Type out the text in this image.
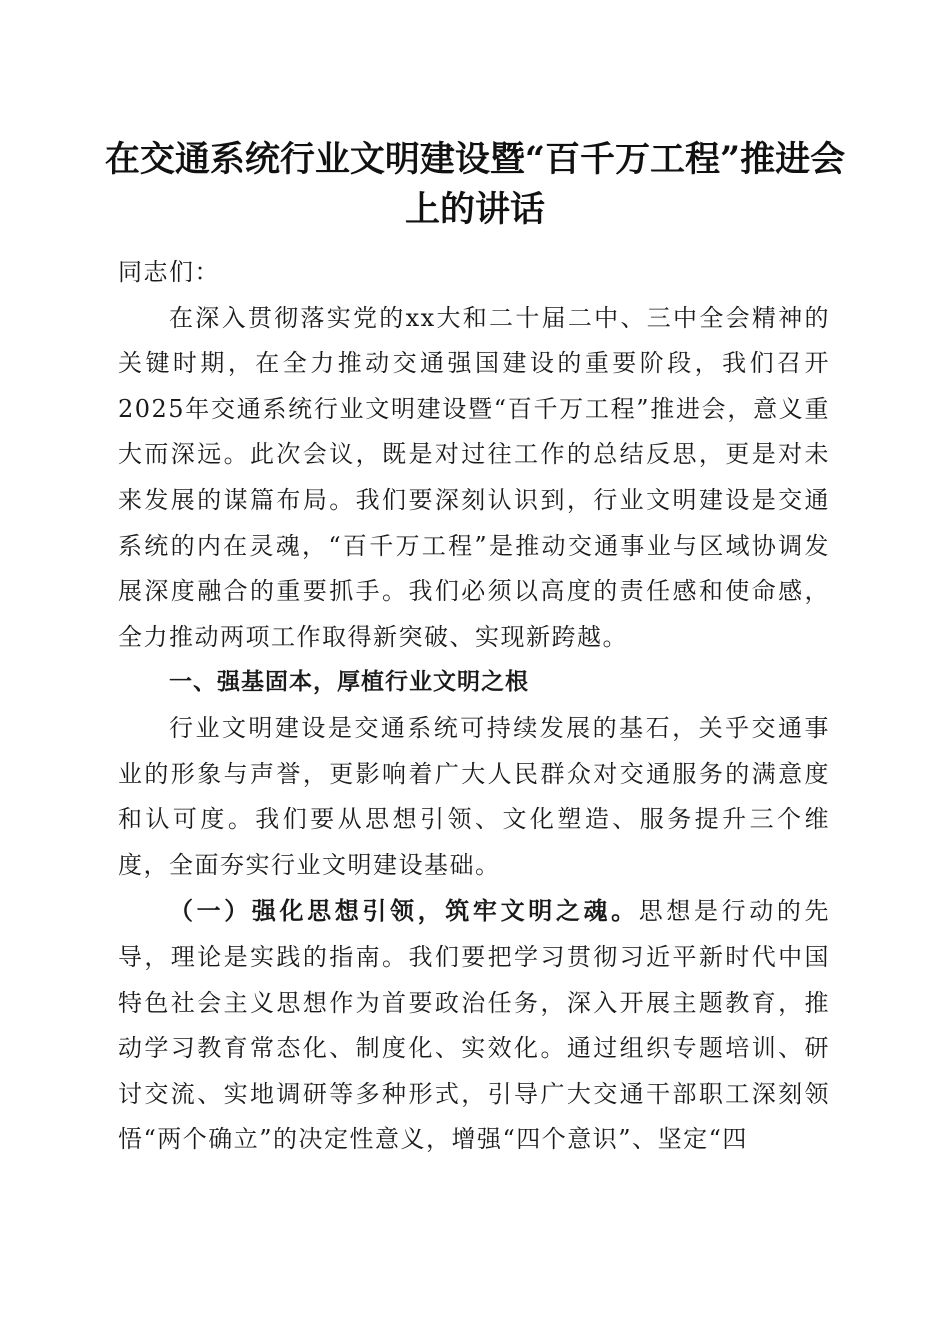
在交通系统行业文明建设暨“百千万工程”推进会上的讲话

同志们：

在深入贯彻落实党的xx大和二十届二中、三中全会精神的关键时期，在全力推动交通强国建设的重要阶段，我们召开2025年交通系统行业文明建设暨“百千万工程”推进会，意义重大而深远。此次会议，既是对过往工作的总结反思，更是对未来发展的谋篇布局。我们要深刻认识到，行业文明建设是交通系统的内在灵魂，“百千万工程”是推动交通事业与区域协调发展深度融合的重要抓手。我们必须以高度的责任感和使命感，全力推动两项工作取得新突破、实现新跨越。

一、强基固本，厚植行业文明之根

行业文明建设是交通系统可持续发展的基石，关乎交通事业的形象与声誉，更影响着广大人民群众对交通服务的满意度和认可度。我们要从思想引领、文化塑造、服务提升三个维度，全面夯实行业文明建设基础。

（一）强化思想引领，筑牢文明之魂。思想是行动的先导，理论是实践的指南。我们要把学习贯彻习近平新时代中国特色社会主义思想作为首要政治任务，深入开展主题教育，推动学习教育常态化、制度化、实效化。通过组织专题培训、研讨交流、实地调研等多种形式，引导广大交通干部职工深刻领悟“两个确立”的决定性意义，增强“四个意识”、坚定“四
